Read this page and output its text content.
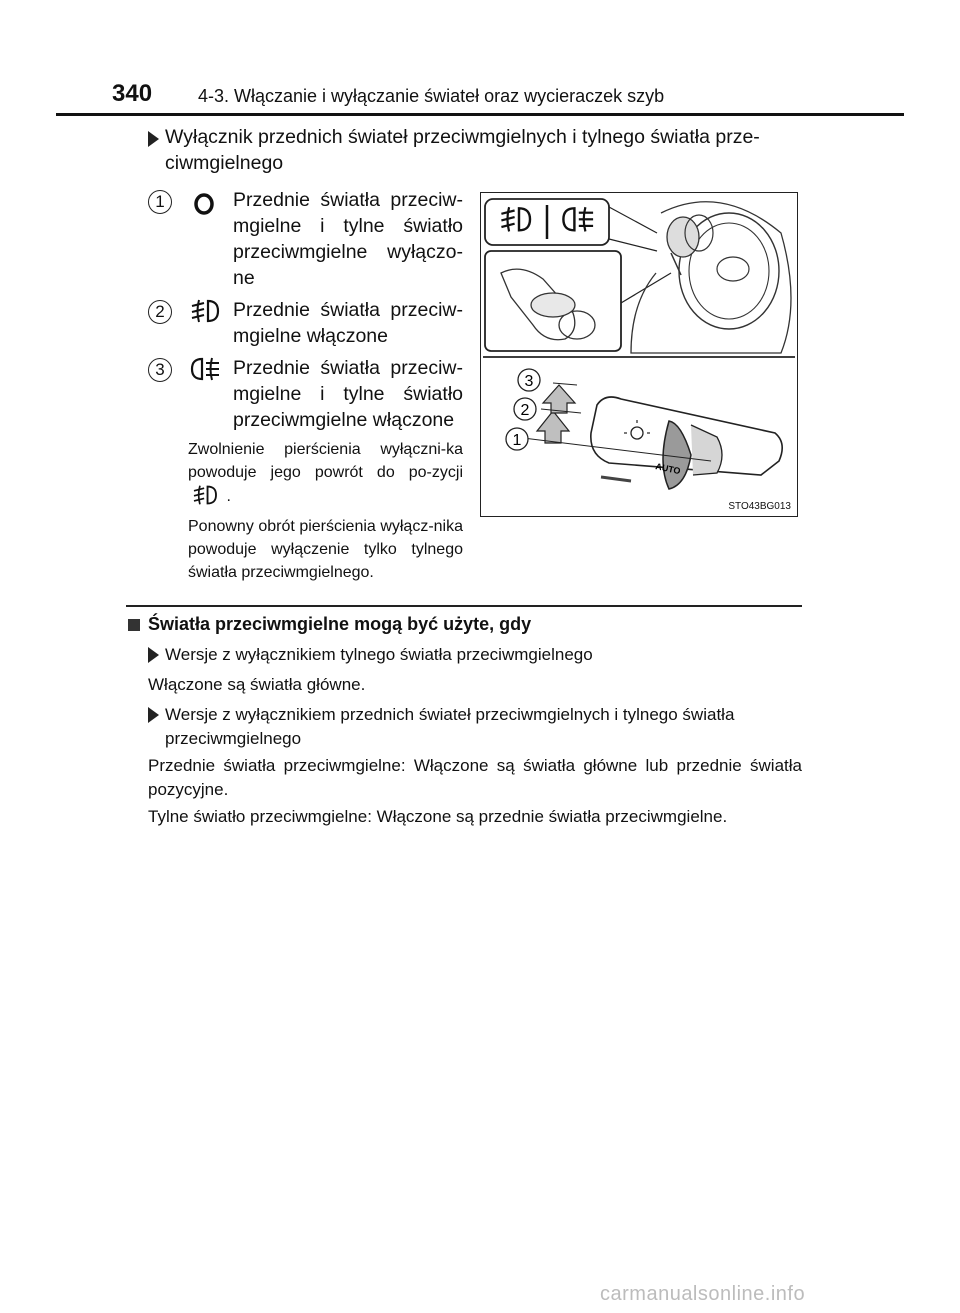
340	4-3. Włączanie i wyłączanie świateł oraz wycieraczek szyb
Wyłącznik przednich świateł przeciwmgielnych i tylnego światła prze-ciwmgielnego
1	Przednie światła przeciw-mgielne i tylne światło przeciwmgielne wyłączo-ne
2	Przednie światła przeciw-mgielne włączone
3	Przednie światła przeciw-mgielne i tylne światło przeciwmgielne włączone
Zwolnienie pierścienia wyłączni-ka powoduje jego powrót do po-zycji  .
Ponowny obrót pierścienia wyłącz-nika powoduje wyłączenie tylko tylnego światła przeciwmgielnego.
AUTO
3
2
1
STO43BG013
Światła przeciwmgielne mogą być użyte, gdy
Wersje z wyłącznikiem tylnego światła przeciwmgielnego
Włączone są światła główne.
Wersje z wyłącznikiem przednich świateł przeciwmgielnych i tylnego światła przeciwmgielnego
Przednie światła przeciwmgielne: Włączone są światła główne lub przednie światła pozycyjne.
Tylne światło przeciwmgielne: Włączone są przednie światła przeciwmgielne.
carmanualsonline.info
